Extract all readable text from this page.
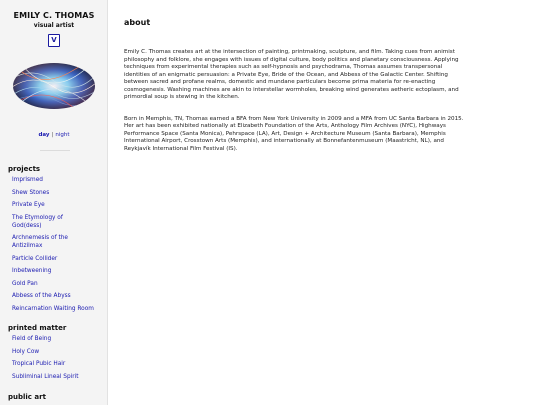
EMILY C. THOMAS
visual artist
V
day | night
projects
Imprismed
Shew Stones
Private Eye
The Etymology of God(dess)
Archnemesis of the Antizilmax
Particle Collider
Inbetweening
Gold Pan
Abbess of the Abyss
Reincarnation Waiting Room
printed matter
Field of Being
Holy Cow
Tropical Pubic Hair
Subliminal Lineal Spirit
public art
about

Emily C. Thomas creates art at the intersection of painting, printmaking, sculpture, and film. Taking cues from animist philosophy and folklore, she engages with issues of digital culture, body politics and planetary consciousness. Applying techniques from experimental therapies such as self-hypnosis and psychodrama, Thomas assumes transpersonal identities of an enigmatic persuasion: a Private Eye, Bride of the Ocean, and Abbess of the Galactic Center. Shifting between sacred and profane realms, domestic and mundane particulars become prima materia for re-enacting cosmogenesis. Washing machines are akin to interstellar wormholes, breaking wind generates aetheric ectoplasm, and primordial soup is stewing in the kitchen.

Born in Memphis, TN, Thomas earned a BFA from New York University in 2009 and a MFA from UC Santa Barbara in 2015. Her art has been exhibited nationally at Elizabeth Foundation of the Arts, Anthology Film Archives (NYC), Highways Performance Space (Santa Monica), Pehrspace (LA), Art, Design + Architecture Museum (Santa Barbara), Memphis International Airport, Crosstown Arts (Memphis), and internationally at Bonnefantenmuseum (Maastricht, NL), and Reykjavík International Film Festival (IS).
